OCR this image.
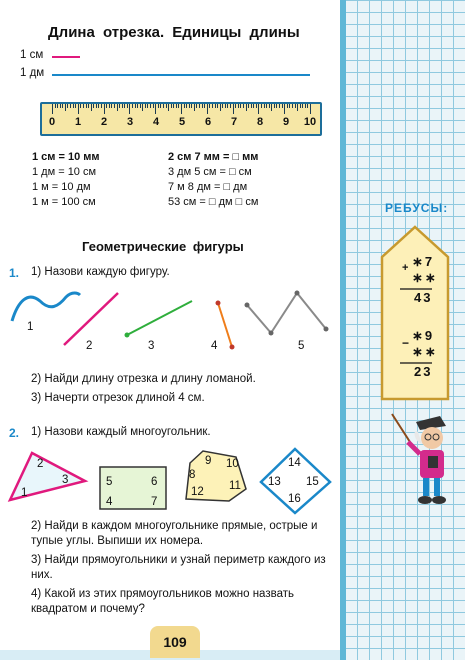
Длина отрезка. Единицы длины
1 см
1 дм
0 1 2 3 4 5 6 7 8 9 10
1 см = 10 мм
1 дм = 10 см
1 м = 10 дм
1 м = 100 см
2 см 7 мм = □ мм
3 дм 5 см = □ см
7 м 8 дм = □ дм
53 см = □ дм □ см
Геометрические фигуры
1. 1) Назови каждую фигуру.
1
2	3	4	5
2) Найди длину отрезка и длину ломаной.
3) Начерти отрезок длиной 4 см.
2. 1) Назови каждый многоугольник.
2
3
1
5	6
4	7
9 10
8
11
12
14
13 15
16
2) Найди в каждом многоугольнике прямые, острые и тупые углы. Выпиши их номера.
3) Найди прямоугольники и узнай периметр каждого из них.
4) Какой из этих прямоугольников можно назвать квадратом и почему?
РЕБУСЫ:
+ ∗7
∗∗
43
− ∗9
∗∗
23
109
